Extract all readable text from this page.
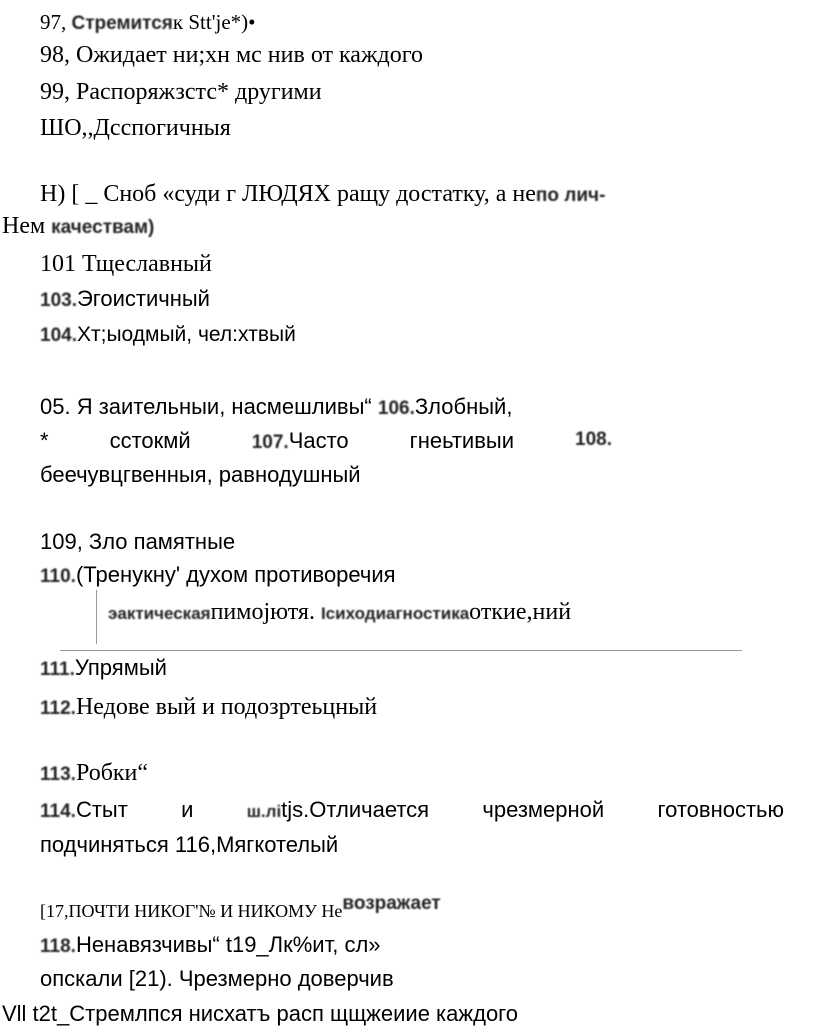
97, Стремитсяк Stt'je*)•
98, Ожидает ни;хн мс нив от каждого
99, Распоряжзстс* другими
ШО,,Дсспогичныя
Н) [ _ Сноб «суди г ЛЮДЯХ ращу достатку, а непо лич-
Нем качествам)
101 Тщеславный
103.Эгоистичный
104.Хт;ыодмый, чел:хтвый
05. Я заительныи, насмешливы“ 106.Злобный,
*	сстокмй	107.Часто	гнеьтивыи	108.
беечувцгвенныя, равнодушный
109, Зло памятные
110.(Тренукну' духом противоречия
эактическаяпимојютя. Iсиходиагностикаоткие,ний
111.Упрямый
112.Недове вый и подозртеьцный
113.Робки“
114.Стыт и	ш.ліtjs.Отличается чрезмерной готовностью
подчиняться 116,Мягкотелый
[17,ПОЧТИ НИКОГ'№ И НИКОМУ Невозражает
118.Ненавязчивы“ t19_Лк%ит, сл»
опскали [21). Чрезмерно доверчив
Vll t2t_Стремлпся нисхатъ расп щщжеиие каждого
